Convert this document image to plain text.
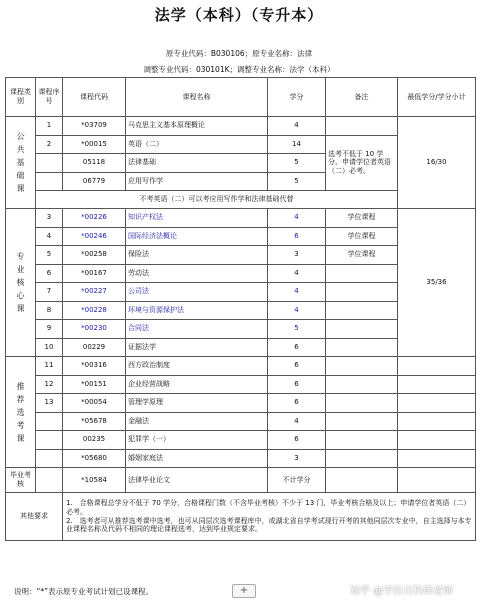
法学（本科）（专升本）
原专业代码：B030106；原专业名称：法律
调整专业代码：030101K；调整专业名称：法学（本科）
课程类别	课程序号	课程代码	课程名称	学分	备注	最低学分/学分小计
公共基础课	1	*03709	马克思主义基本原理概论	4		16/30
	2	*00015	英语（二）	14	选考不低于 10 学分，申请学位者英语（二）必考。	
		05118	法律基础	5		
		06779	应用写作学	5		
	不考英语（二）可以考应用写作学和法律基础代替					
专业核心课	3	*00226	知识产权法	4	学位课程	35/36
	4	*00246	国际经济法概论	6	学位课程	
	5	*00258	保险法	3	学位课程	
	6	*00167	劳动法	4		
	7	*00227	公司法	4		
	8	*00228	环境与资源保护法	4		
	9	*00230	合同法	5		
	10	00229	证据法学	6		
推荐选考课	11	*00316	西方政治制度	6		
	12	*00151	企业经营战略	6		
	13	*00054	管理学原理	6		
		*05678	金融法	4		
		00235	犯罪学（一）	6		
		*05680	婚姻家庭法	3		
毕业考核		*10584	法律毕业论文	不计学分		
其他要求		1.　合格课程总学分不低于 70 学分，合格课程门数（不含毕业考核）不少于 13 门，毕业考核合格及以上；申请学位者英语（二）必考。
2.　选考者可从推荐选考课中选考，也可从同层次选考课程库中，或湖北省自学考试现行开考的其他同层次专业中，自主选择与本专业课程名称及代码不相同的理论课程选考，达到毕业规定要求。				
说明：“*”表示原专业考试计划已设课程。	+	知乎 @学历百科韩老师
